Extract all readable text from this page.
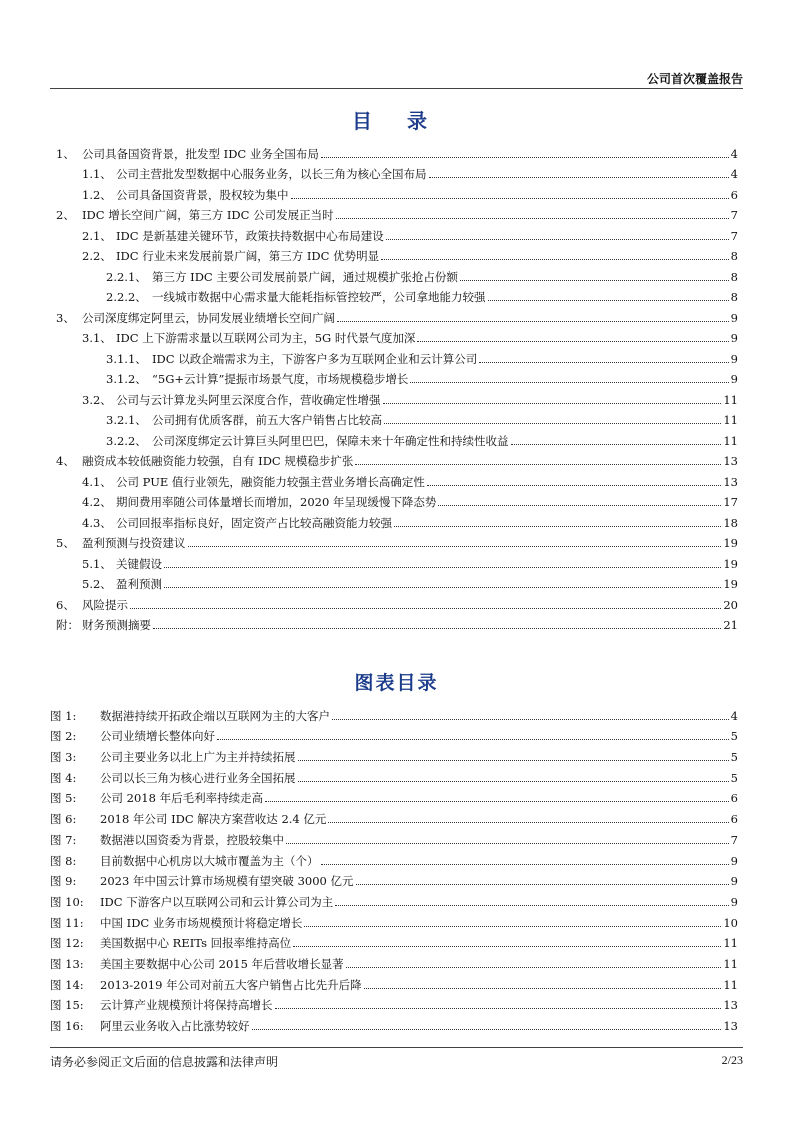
公司首次覆盖报告
目 录
1、 公司具备国资背景，批发型 IDC 业务全国布局	4
1.1、 公司主营批发型数据中心服务业务，以长三角为核心全国布局	4
1.2、 公司具备国资背景，股权较为集中	6
2、 IDC 增长空间广阔，第三方 IDC 公司发展正当时	7
2.1、 IDC 是新基建关键环节，政策扶持数据中心布局建设	7
2.2、 IDC 行业未来发展前景广阔，第三方 IDC 优势明显	8
2.2.1、 第三方 IDC 主要公司发展前景广阔，通过规模扩张抢占份额	8
2.2.2、 一线城市数据中心需求量大能耗指标管控较严，公司拿地能力较强	8
3、 公司深度绑定阿里云，协同发展业绩增长空间广阔	9
3.1、 IDC 上下游需求量以互联网公司为主，5G 时代景气度加深	9
3.1.1、 IDC 以政企端需求为主，下游客户多为互联网企业和云计算公司	9
3.1.2、 “5G+云计算”提振市场景气度，市场规模稳步增长	9
3.2、 公司与云计算龙头阿里云深度合作，营收确定性增强	11
3.2.1、 公司拥有优质客群，前五大客户销售占比较高	11
3.2.2、 公司深度绑定云计算巨头阿里巴巴，保障未来十年确定性和持续性收益	11
4、 融资成本较低融资能力较强，自有 IDC 规模稳步扩张	13
4.1、 公司 PUE 值行业领先，融资能力较强主营业务增长高确定性	13
4.2、 期间费用率随公司体量增长而增加，2020 年呈现缓慢下降态势	17
4.3、 公司回报率指标良好，固定资产占比较高融资能力较强	18
5、 盈利预测与投资建议	19
5.1、 关键假设	19
5.2、 盈利预测	19
6、 风险提示	20
附： 财务预测摘要	21
图表目录
图 1:	数据港持续开拓政企端以互联网为主的大客户	4
图 2:	公司业绩增长整体向好	5
图 3:	公司主要业务以北上广为主并持续拓展	5
图 4:	公司以长三角为核心进行业务全国拓展	5
图 5:	公司 2018 年后毛利率持续走高	6
图 6:	2018 年公司 IDC 解决方案营收达 2.4 亿元	6
图 7:	数据港以国资委为背景，控股较集中	7
图 8:	目前数据中心机房以大城市覆盖为主（个）	9
图 9:	2023 年中国云计算市场规模有望突破 3000 亿元	9
图 10:	IDC 下游客户以互联网公司和云计算公司为主	9
图 11:	中国 IDC 业务市场规模预计将稳定增长	10
图 12:	美国数据中心 REITs 回报率维持高位	11
图 13:	美国主要数据中心公司 2015 年后营收增长显著	11
图 14:	2013-2019 年公司对前五大客户销售占比先升后降	11
图 15:	云计算产业规模预计将保持高增长	13
图 16:	阿里云业务收入占比涨势较好	13
请务必参阅正文后面的信息披露和法律声明	2/23
